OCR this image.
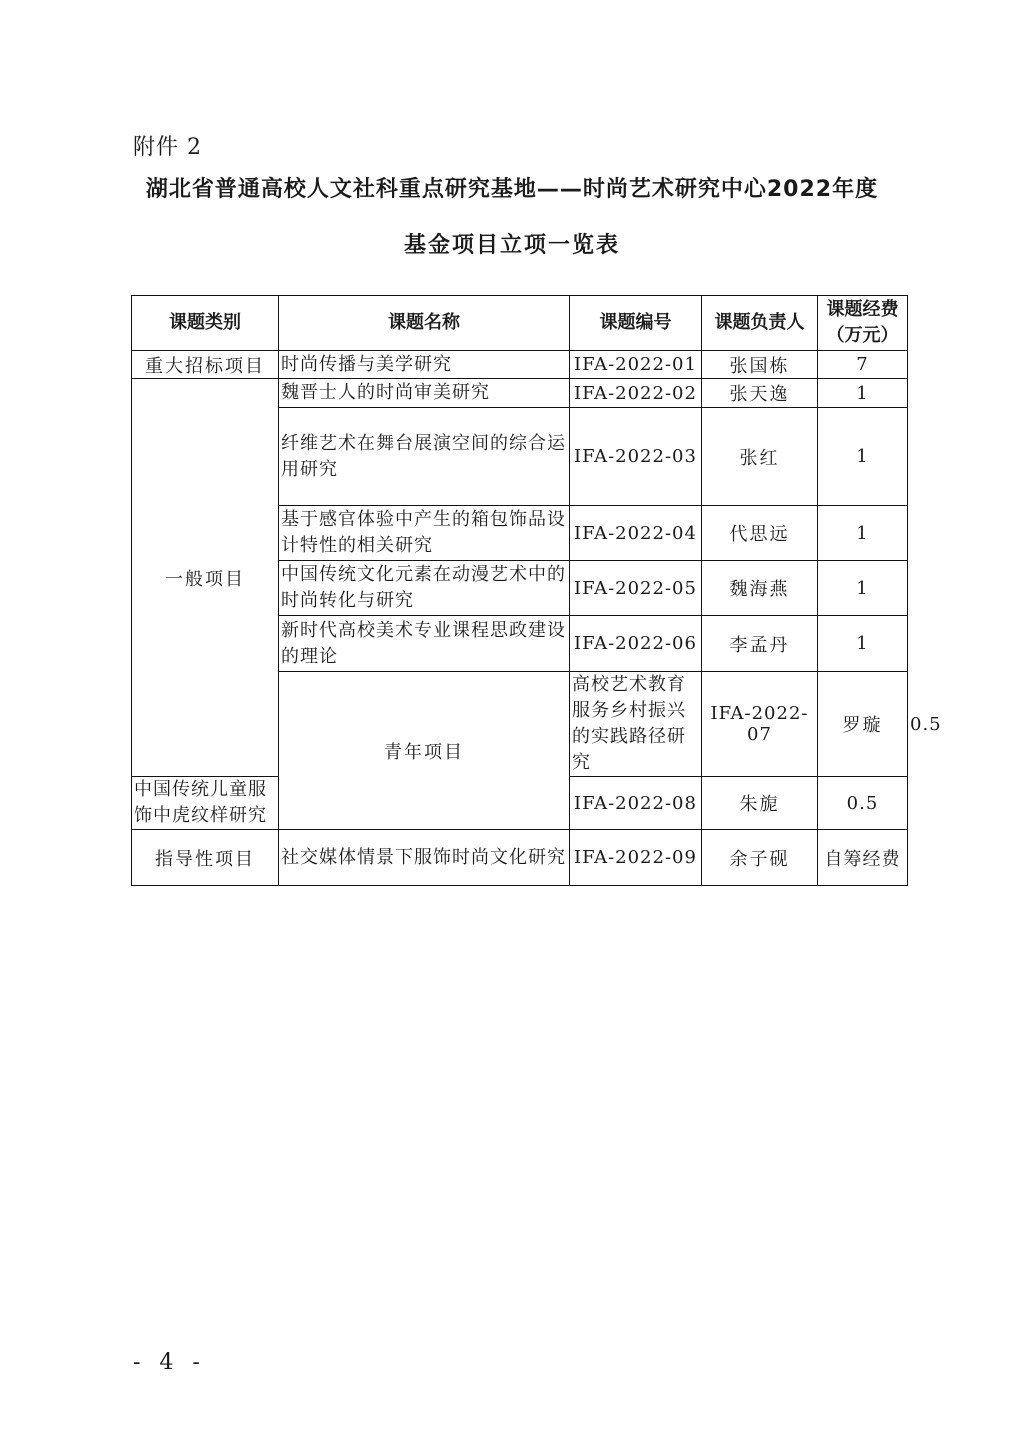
附件 2
湖北省普通高校人文社科重点研究基地——时尚艺术研究中心2022年度
基金项目立项一览表
课题类别	课题名称	课题编号	课题负责人	课题经费
（万元）	

重大招标项目	时尚传播与美学研究	IFA-2022-01	张国栋	7	
一般项目	魏晋士人的时尚审美研究	IFA-2022-02	张天逸	1	
	纤维艺术在舞台展演空间的综合运用研究	IFA-2022-03	张红	1	
	基于感官体验中产生的箱包饰品设计特性的相关研究	IFA-2022-04	代思远	1	
	中国传统文化元素在动漫艺术中的时尚转化与研究	IFA-2022-05	魏海燕	1	
	新时代高校美术专业课程思政建设的理论	IFA-2022-06	李孟丹	1	
	青年项目	高校艺术教育服务乡村振兴的实践路径研究	IFA-2022-07	罗璇	0.5
中国传统儿童服饰中虎纹样研究		IFA-2022-08	朱旎	0.5	
指导性项目	社交媒体情景下服饰时尚文化研究	IFA-2022-09	余子砚	自筹经费	
- 4 -
